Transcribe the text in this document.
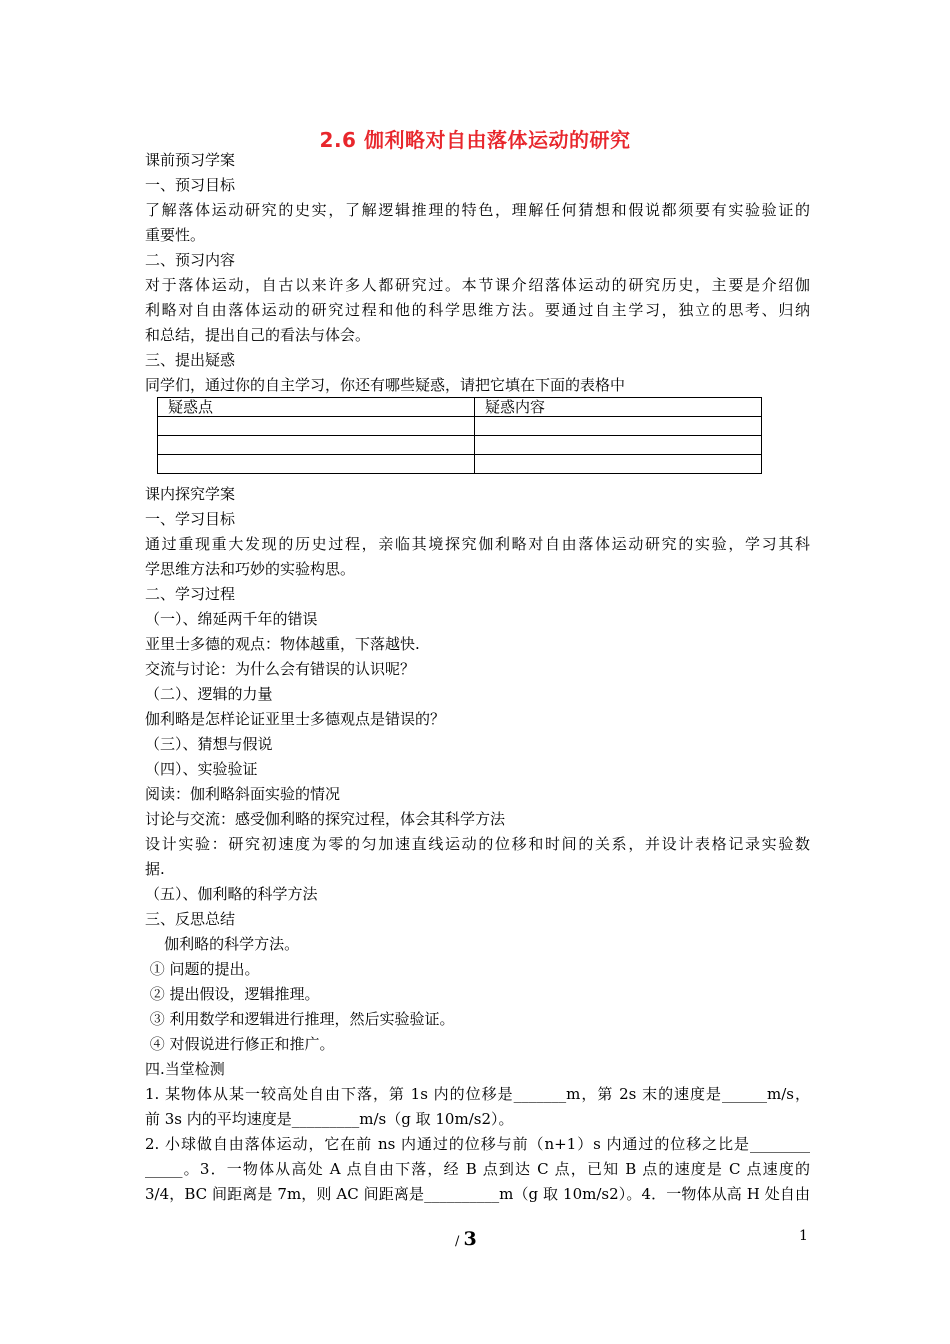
2.6 伽利略对自由落体运动的研究
课前预习学案
一、预习目标
了解落体运动研究的史实，了解逻辑推理的特色，理解任何猜想和假说都须要有实验验证的
重要性。
二、预习内容
对于落体运动，自古以来许多人都研究过。本节课介绍落体运动的研究历史，主要是介绍伽
利略对自由落体运动的研究过程和他的科学思维方法。要通过自主学习，独立的思考、归纳
和总结，提出自己的看法与体会。
三、提出疑惑
同学们，通过你的自主学习，你还有哪些疑惑，请把它填在下面的表格中
疑惑点	疑惑内容

课内探究学案
一、学习目标
通过重现重大发现的历史过程，亲临其境探究伽利略对自由落体运动研究的实验，学习其科
学思维方法和巧妙的实验构思。
二、学习过程
（一）、绵延两千年的错误
亚里士多德的观点：物体越重，下落越快.
交流与讨论：为什么会有错误的认识呢？
（二）、逻辑的力量
伽利略是怎样论证亚里士多德观点是错误的？
（三）、猜想与假说
（四）、实验验证
阅读：伽利略斜面实验的情况
讨论与交流：感受伽利略的探究过程，体会其科学方法
设计实验：研究初速度为零的匀加速直线运动的位移和时间的关系，并设计表格记录实验数
据.
（五）、伽利略的科学方法
三、反思总结
伽利略的科学方法。
① 问题的提出。
② 提出假设，逻辑推理。
③ 利用数学和逻辑进行推理，然后实验验证。
④ 对假说进行修正和推广。
四.当堂检测
1. 某物体从某一较高处自由下落，第 1s 内的位移是_______m，第 2s 末的速度是______m/s，
前 3s 内的平均速度是_________m/s（g 取 10m/s2）。
2. 小球做自由落体运动，它在前 ns 内通过的位移与前（n+1）s 内通过的位移之比是________
_____。3．一物体从高处 A 点自由下落，经 B 点到达 C 点，已知 B 点的速度是 C 点速度的
3/4，BC 间距离是 7m，则 AC 间距离是__________m（g 取 10m/s2）。4．一物体从高 H 处自由
/ 3	1
